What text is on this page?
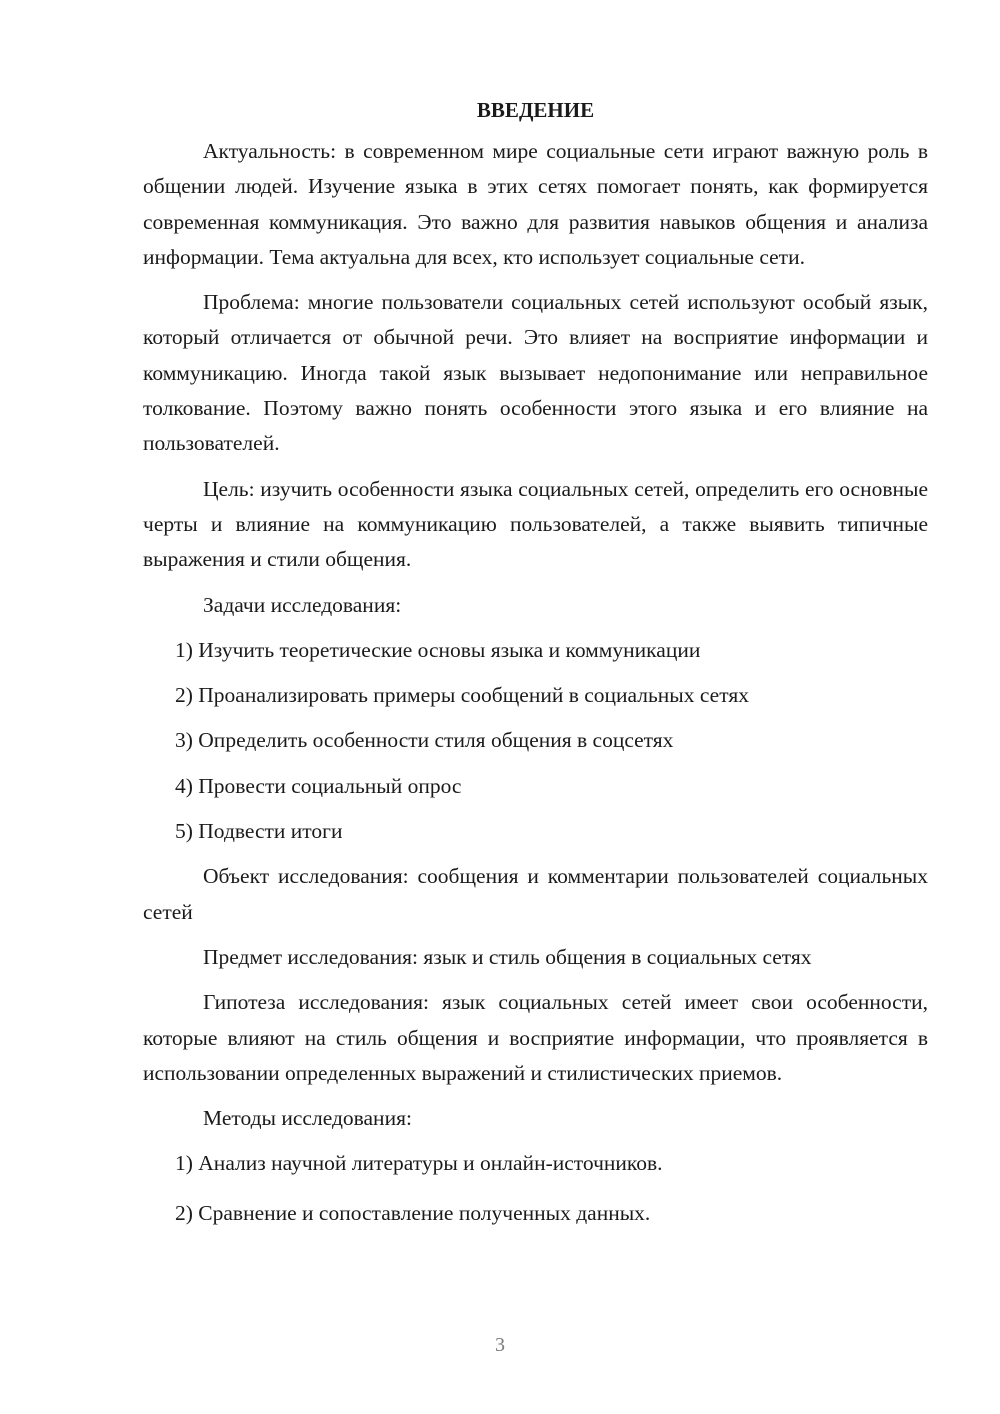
ВВЕДЕНИЕ

Актуальность: в современном мире социальные сети играют важную роль в общении людей. Изучение языка в этих сетях помогает понять, как формируется современная коммуникация. Это важно для развития навыков общения и анализа информации. Тема актуальна для всех, кто использует социальные сети.

Проблема: многие пользователи социальных сетей используют особый язык, который отличается от обычной речи. Это влияет на восприятие информации и коммуникацию. Иногда такой язык вызывает недопонимание или неправильное толкование. Поэтому важно понять особенности этого языка и его влияние на пользователей.

Цель: изучить особенности языка социальных сетей, определить его основные черты и влияние на коммуникацию пользователей, а также выявить типичные выражения и стили общения.

Задачи исследования:

1) Изучить теоретические основы языка и коммуникации
2) Проанализировать примеры сообщений в социальных сетях
3) Определить особенности стиля общения в соцсетях
4) Провести социальный опрос
5) Подвести итоги

Объект исследования: сообщения и комментарии пользователей социальных сетей

Предмет исследования: язык и стиль общения в социальных сетях

Гипотеза исследования: язык социальных сетей имеет свои особенности, которые влияют на стиль общения и восприятие информации, что проявляется в использовании определенных выражений и стилистических приемов.

Методы исследования:

1) Анализ научной литературы и онлайн-источников.
2) Сравнение и сопоставление полученных данных.
3
